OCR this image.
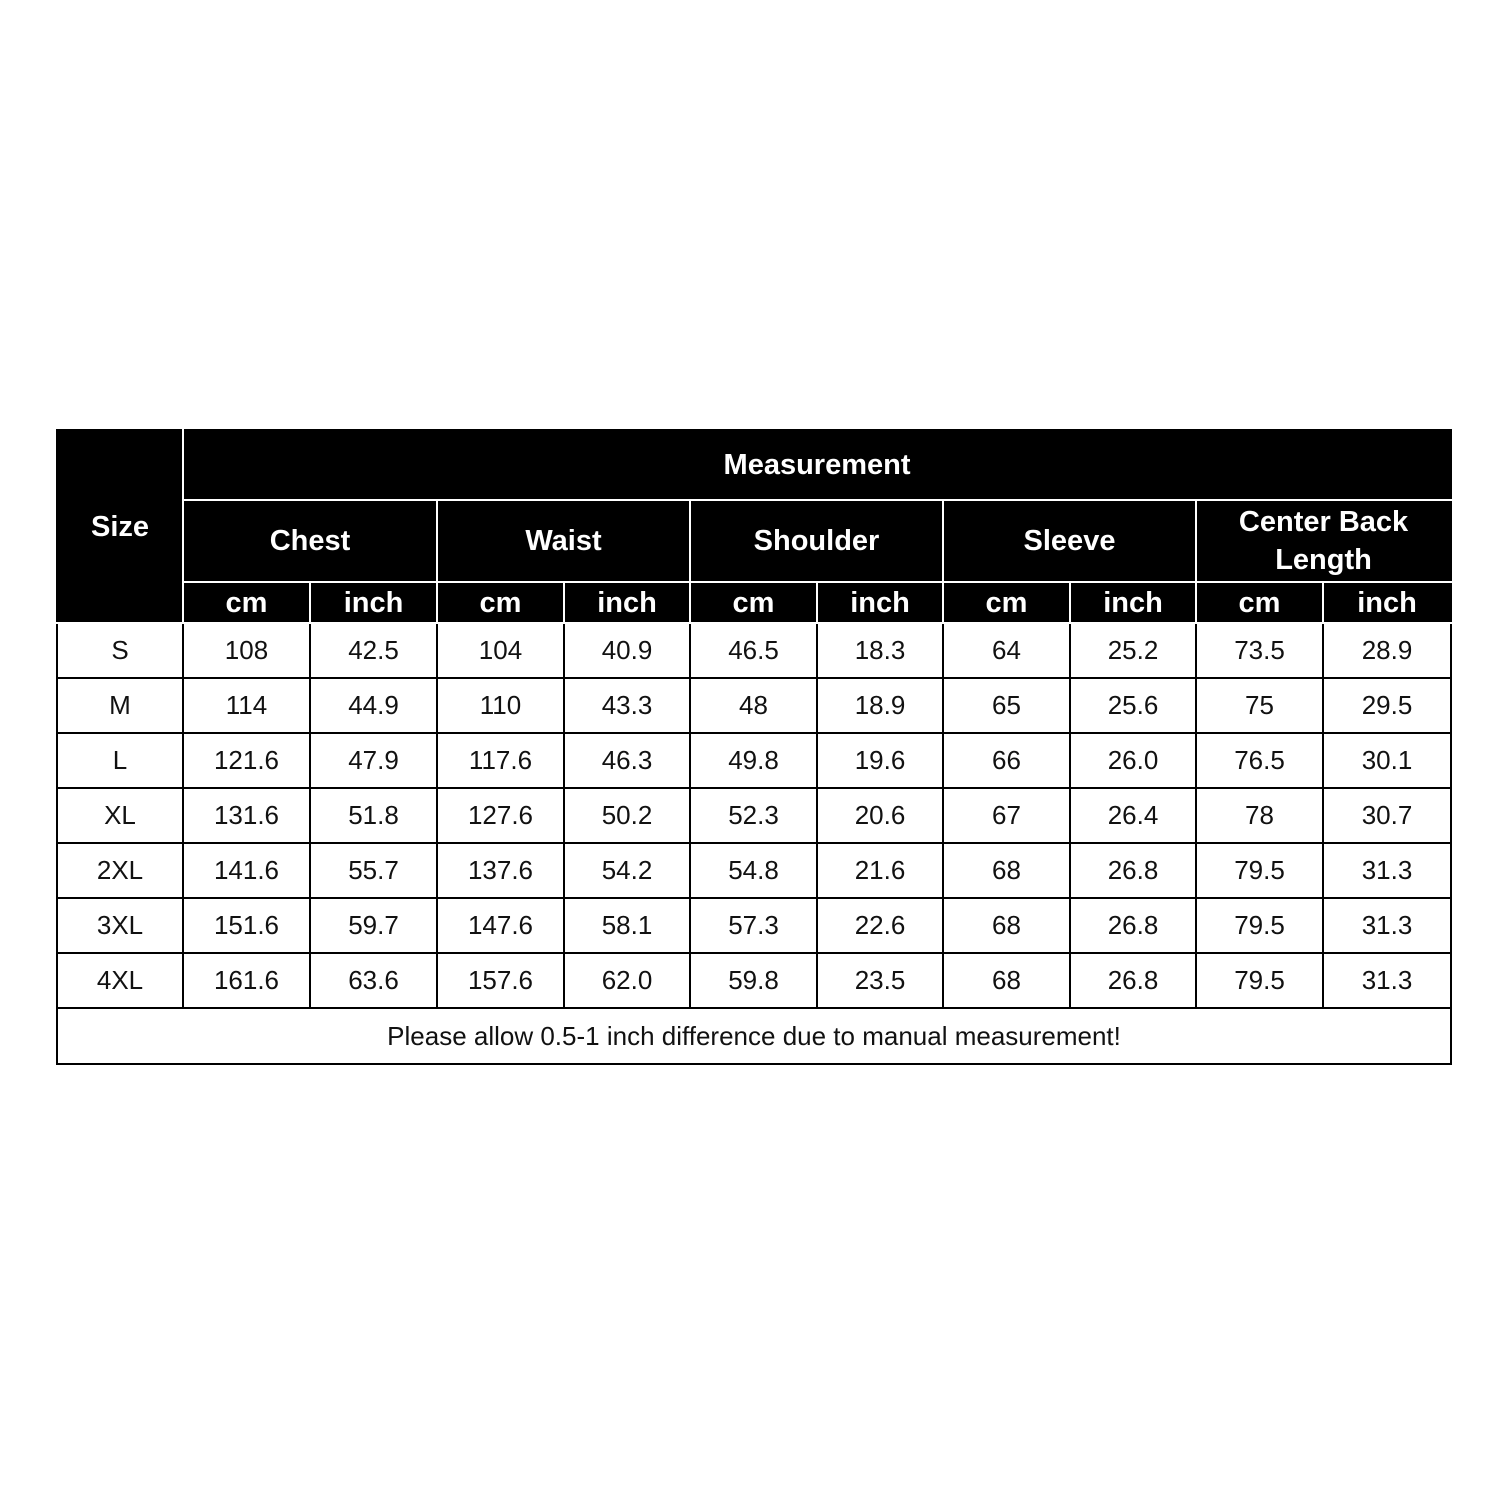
Size	Measurement									
	Chest		Waist		Shoulder		Sleeve		Center Back Length	
	cm	inch	cm	inch	cm	inch	cm	inch	cm	inch
S	108	42.5	104	40.9	46.5	18.3	64	25.2	73.5	28.9
M	114	44.9	110	43.3	48	18.9	65	25.6	75	29.5
L	121.6	47.9	117.6	46.3	49.8	19.6	66	26.0	76.5	30.1
XL	131.6	51.8	127.6	50.2	52.3	20.6	67	26.4	78	30.7
2XL	141.6	55.7	137.6	54.2	54.8	21.6	68	26.8	79.5	31.3
3XL	151.6	59.7	147.6	58.1	57.3	22.6	68	26.8	79.5	31.3
4XL	161.6	63.6	157.6	62.0	59.8	23.5	68	26.8	79.5	31.3
Please allow 0.5-1 inch difference due to manual measurement!										
